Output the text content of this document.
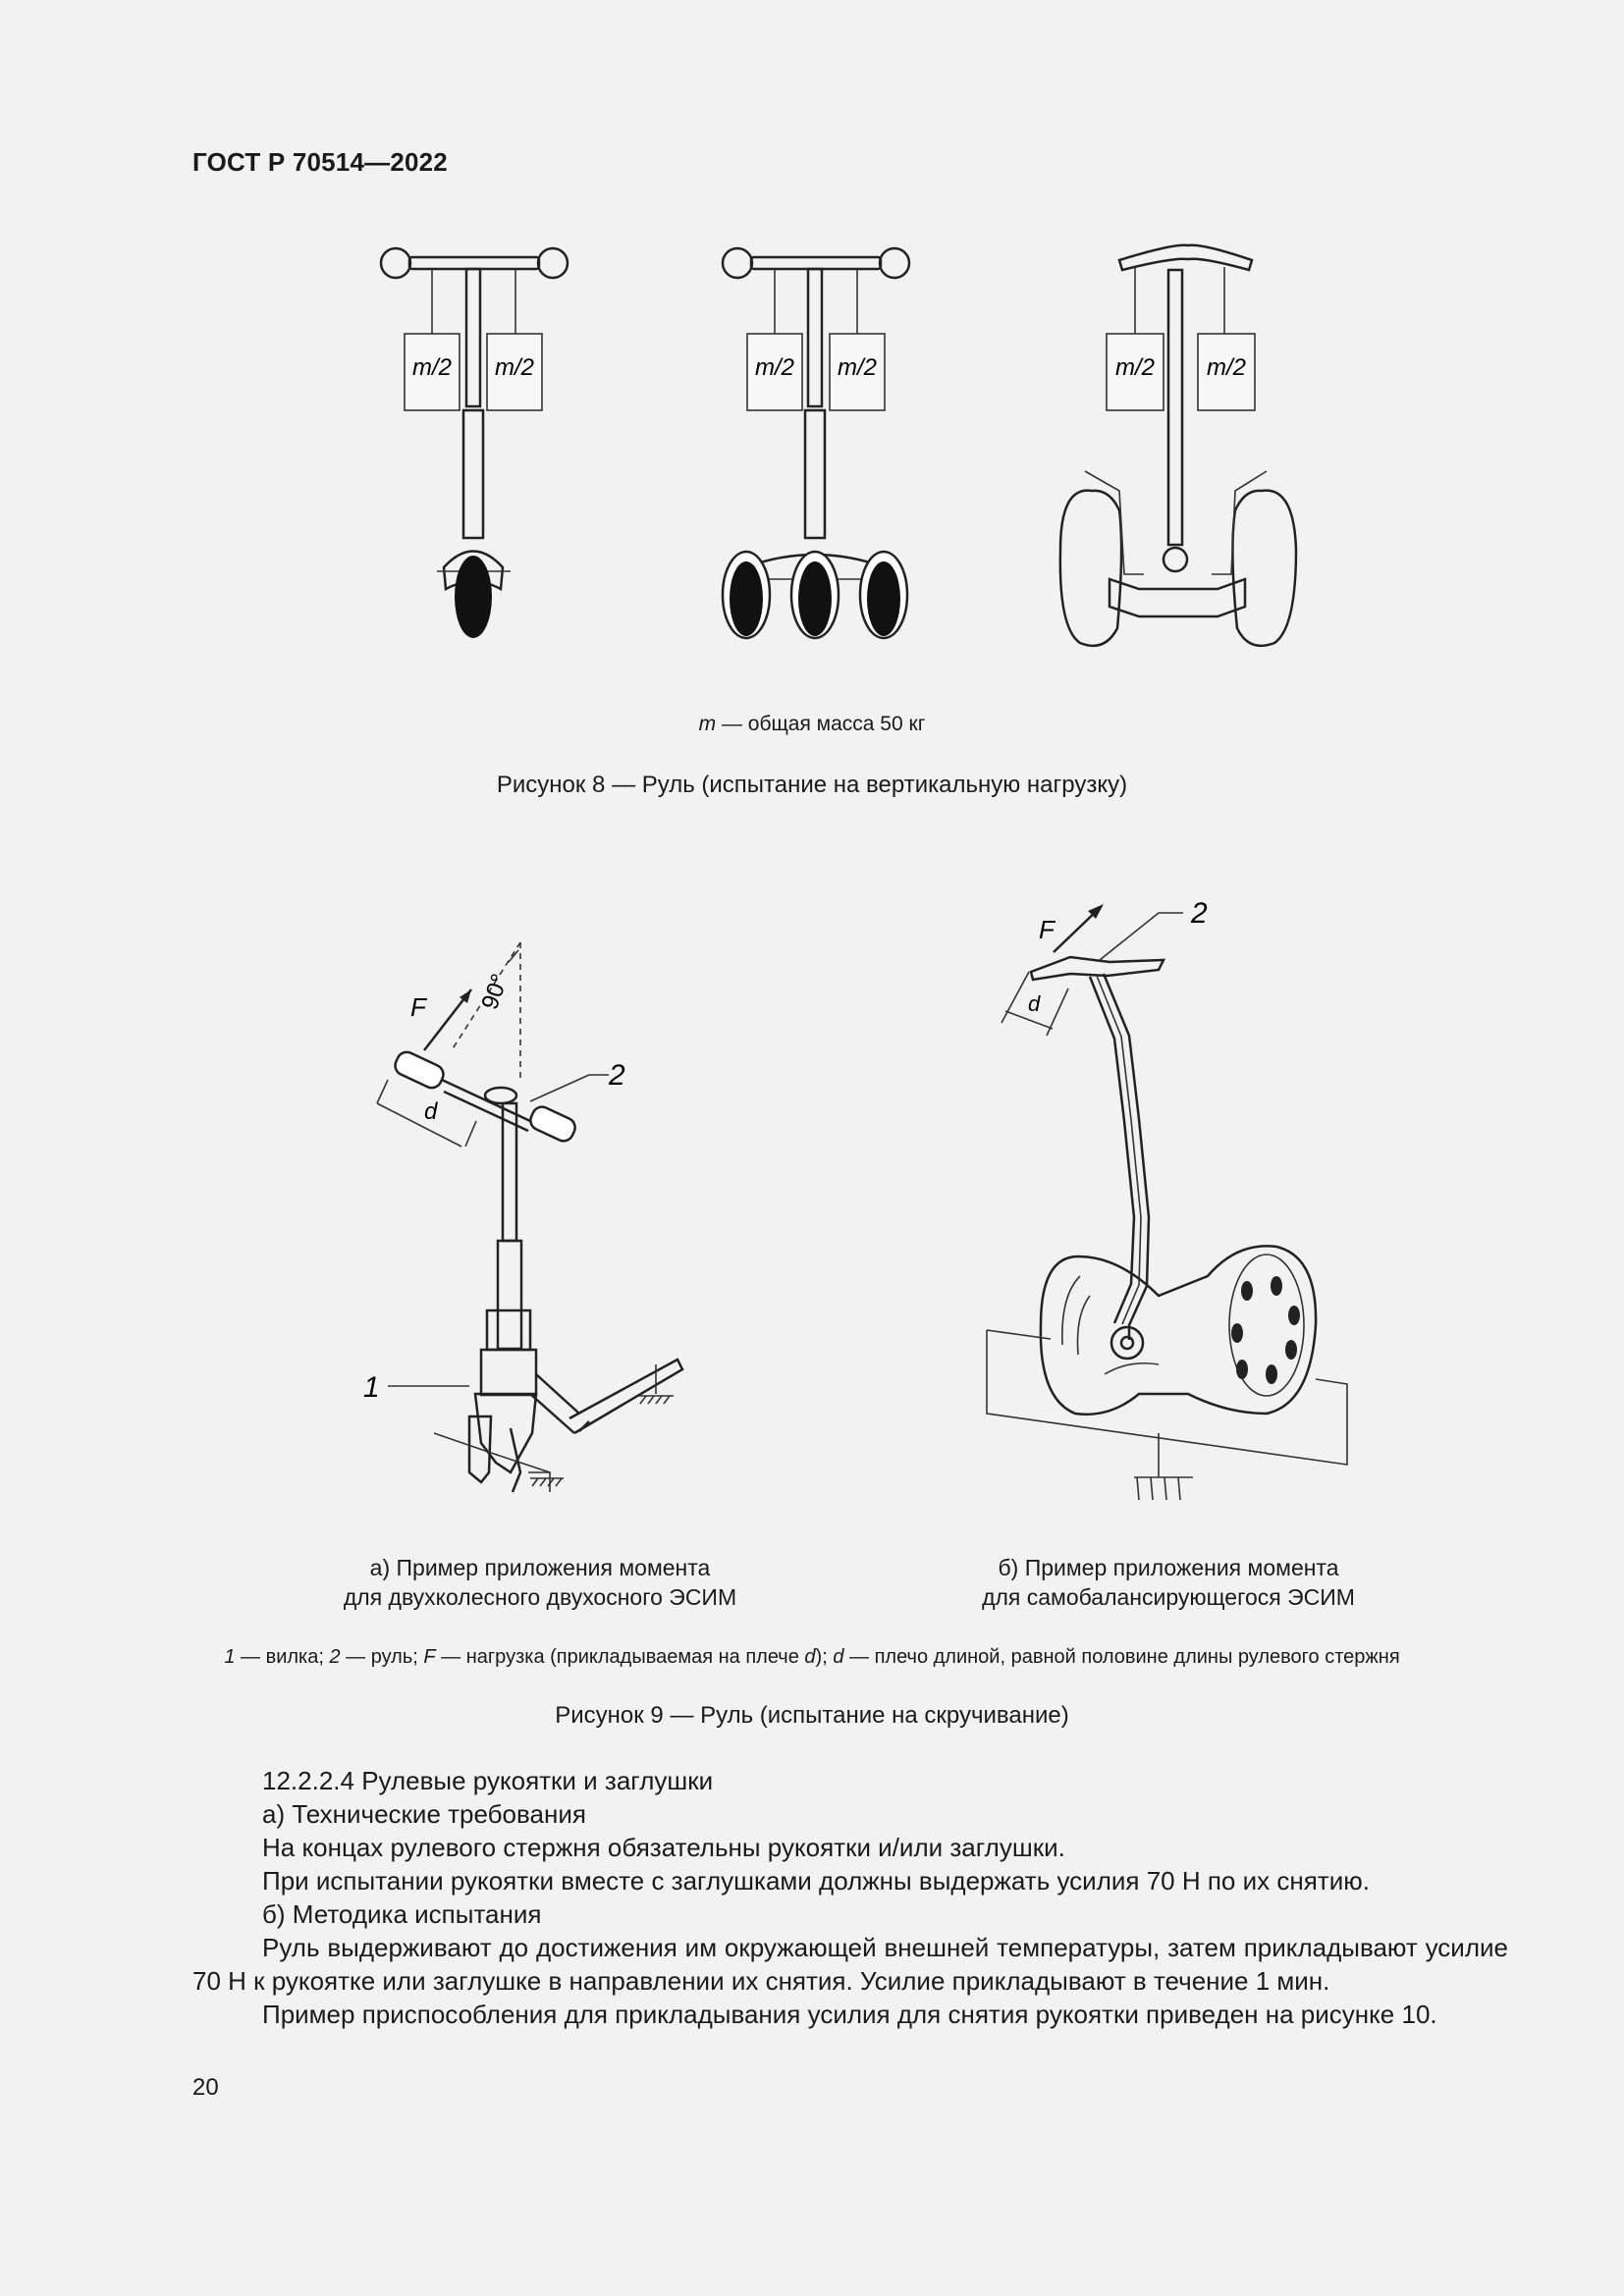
ГОСТ Р 70514—2022
m/2 m/2	m/2 m/2	m/2 m/2
m — общая масса 50 кг
Рисунок 8 — Руль (испытание на вертикальную нагрузку)
90°
F
d
2
1
F	2
d
а) Пример приложения момента
для двухколесного двухосного ЭСИМ
б) Пример приложения момента
для самобалансирующегося ЭСИМ
1 — вилка; 2 — руль; F — нагрузка (прикладываемая на плече d); d — плечо длиной, равной половине длины рулевого стержня
Рисунок 9 — Руль (испытание на скручивание)

12.2.2.4 Рулевые рукоятки и заглушки

а) Технические требования

На концах рулевого стержня обязательны рукоятки и/или заглушки.

При испытании рукоятки вместе с заглушками должны выдержать усилия 70 Н по их снятию.

б) Методика испытания

Руль выдерживают до достижения им окружающей внешней температуры, затем прикладывают усилие 70 Н к рукоятке или заглушке в направлении их снятия. Усилие прикладывают в течение 1 мин.

Пример приспособления для прикладывания усилия для снятия рукоятки приведен на рисунке 10.

20
